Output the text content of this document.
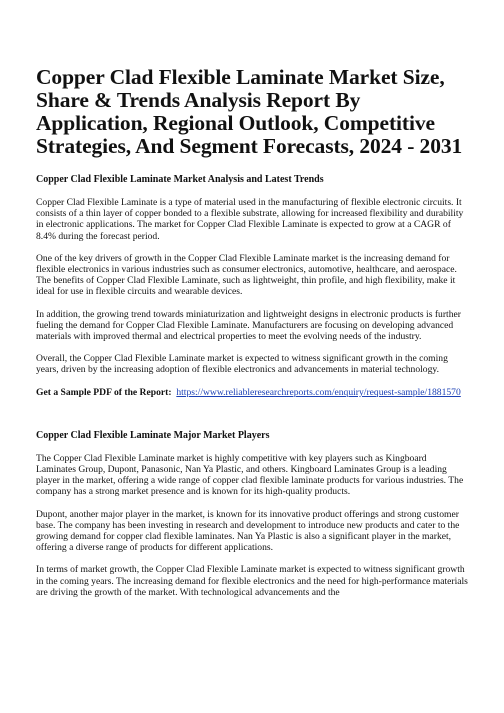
Copper Clad Flexible Laminate Market Size, Share & Trends Analysis Report By Application, Regional Outlook, Competitive Strategies, And Segment Forecasts, 2024 - 2031
Copper Clad Flexible Laminate Market Analysis and Latest Trends

Copper Clad Flexible Laminate is a type of material used in the manufacturing of flexible electronic circuits. It consists of a thin layer of copper bonded to a flexible substrate, allowing for increased flexibility and durability in electronic applications. The market for Copper Clad Flexible Laminate is expected to grow at a CAGR of 8.4% during the forecast period.

One of the key drivers of growth in the Copper Clad Flexible Laminate market is the increasing demand for flexible electronics in various industries such as consumer electronics, automotive, healthcare, and aerospace. The benefits of Copper Clad Flexible Laminate, such as lightweight, thin profile, and high flexibility, make it ideal for use in flexible circuits and wearable devices.

In addition, the growing trend towards miniaturization and lightweight designs in electronic products is further fueling the demand for Copper Clad Flexible Laminate. Manufacturers are focusing on developing advanced materials with improved thermal and electrical properties to meet the evolving needs of the industry.

Overall, the Copper Clad Flexible Laminate market is expected to witness significant growth in the coming years, driven by the increasing adoption of flexible electronics and advancements in material technology.

Get a Sample PDF of the Report: https://www.reliableresearchreports.com/enquiry/request-sample/1881570
Copper Clad Flexible Laminate Major Market Players

The Copper Clad Flexible Laminate market is highly competitive with key players such as Kingboard Laminates Group, Dupont, Panasonic, Nan Ya Plastic, and others. Kingboard Laminates Group is a leading player in the market, offering a wide range of copper clad flexible laminate products for various industries. The company has a strong market presence and is known for its high-quality products.

Dupont, another major player in the market, is known for its innovative product offerings and strong customer base. The company has been investing in research and development to introduce new products and cater to the growing demand for copper clad flexible laminates. Nan Ya Plastic is also a significant player in the market, offering a diverse range of products for different applications.

In terms of market growth, the Copper Clad Flexible Laminate market is expected to witness significant growth in the coming years. The increasing demand for flexible electronics and the need for high-performance materials are driving the growth of the market. With technological advancements and the
